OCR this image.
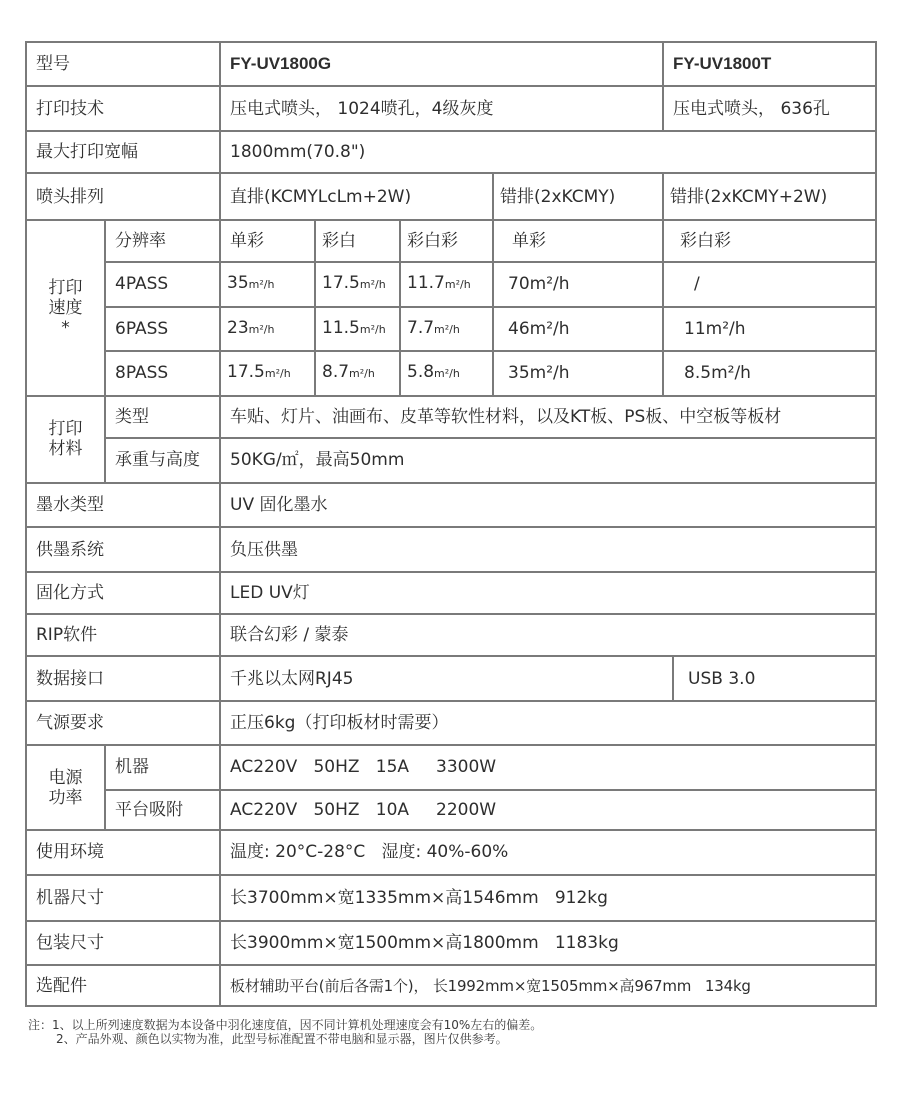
型号		FY-UV1800G				FY-UV1800T	
打印技术		压电式喷头， 1024喷孔，4级灰度				压电式喷头， 636孔	
最大打印宽幅		1800mm(70.8")					
喷头排列		直排(KCMYLcLm+2W)			错排(2xKCMY)	错排(2xKCMY+2W)	
打印速度 *	分辨率	单彩	彩白	彩白彩	单彩	彩白彩	
	4PASS	35m²/h	17.5m²/h	11.7m²/h	70m²/h	/	
	6PASS	23m²/h	11.5m²/h	7.7m²/h	46m²/h	11m²/h	
	8PASS	17.5m²/h	8.7m²/h	5.8m²/h	35m²/h	8.5m²/h	
打印材料	类型	车贴、灯片、油画布、皮革等软性材料，以及KT板、PS板、中空板等板材					
	承重与高度	50KG/㎡，最高50mm					
墨水类型		UV 固化墨水					
供墨系统		负压供墨					
固化方式		LED UV灯					
RIP软件		联合幻彩 / 蒙泰					
数据接口		千兆以太网RJ45					USB 3.0
气源要求		正压6kg（打印板材时需要）					
电源功率	机器	AC220V   50HZ   15A     3300W					
	平台吸附	AC220V   50HZ   10A     2200W					
使用环境		温度: 20°C-28°C   湿度: 40%-60%					
机器尺寸		长3700mm×宽1335mm×高1546mm   912kg					
包装尺寸		长3900mm×宽1500mm×高1800mm   1183kg					
选配件		板材辅助平台(前后各需1个)， 长1992mm×宽1505mm×高967mm   134kg					
注：1、以上所列速度数据为本设备中羽化速度值，因不同计算机处理速度会有10%左右的偏差。
2、产品外观、颜色以实物为准，此型号标准配置不带电脑和显示器，图片仅供参考。
